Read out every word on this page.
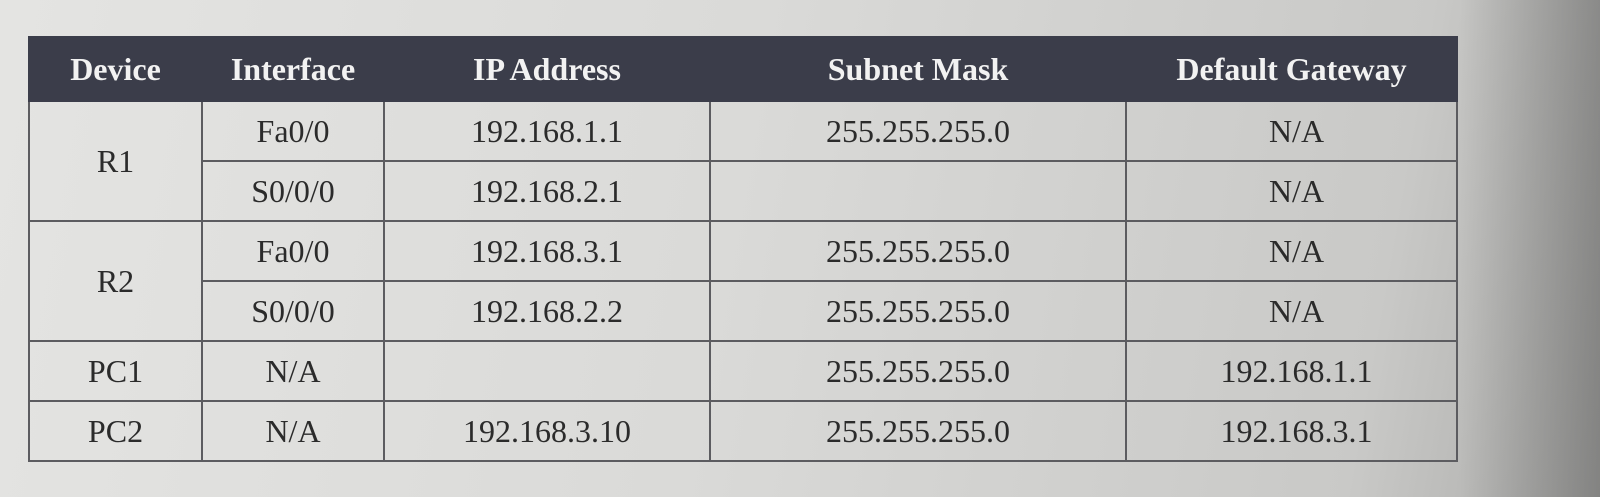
Device	Interface	IP Address	Subnet Mask	Default Gateway
R1	Fa0/0	192.168.1.1	255.255.255.0	N/A
	S0/0/0	192.168.2.1		N/A
R2	Fa0/0	192.168.3.1	255.255.255.0	N/A
	S0/0/0	192.168.2.2	255.255.255.0	N/A
PC1	N/A		255.255.255.0	192.168.1.1
PC2	N/A	192.168.3.10	255.255.255.0	192.168.3.1
